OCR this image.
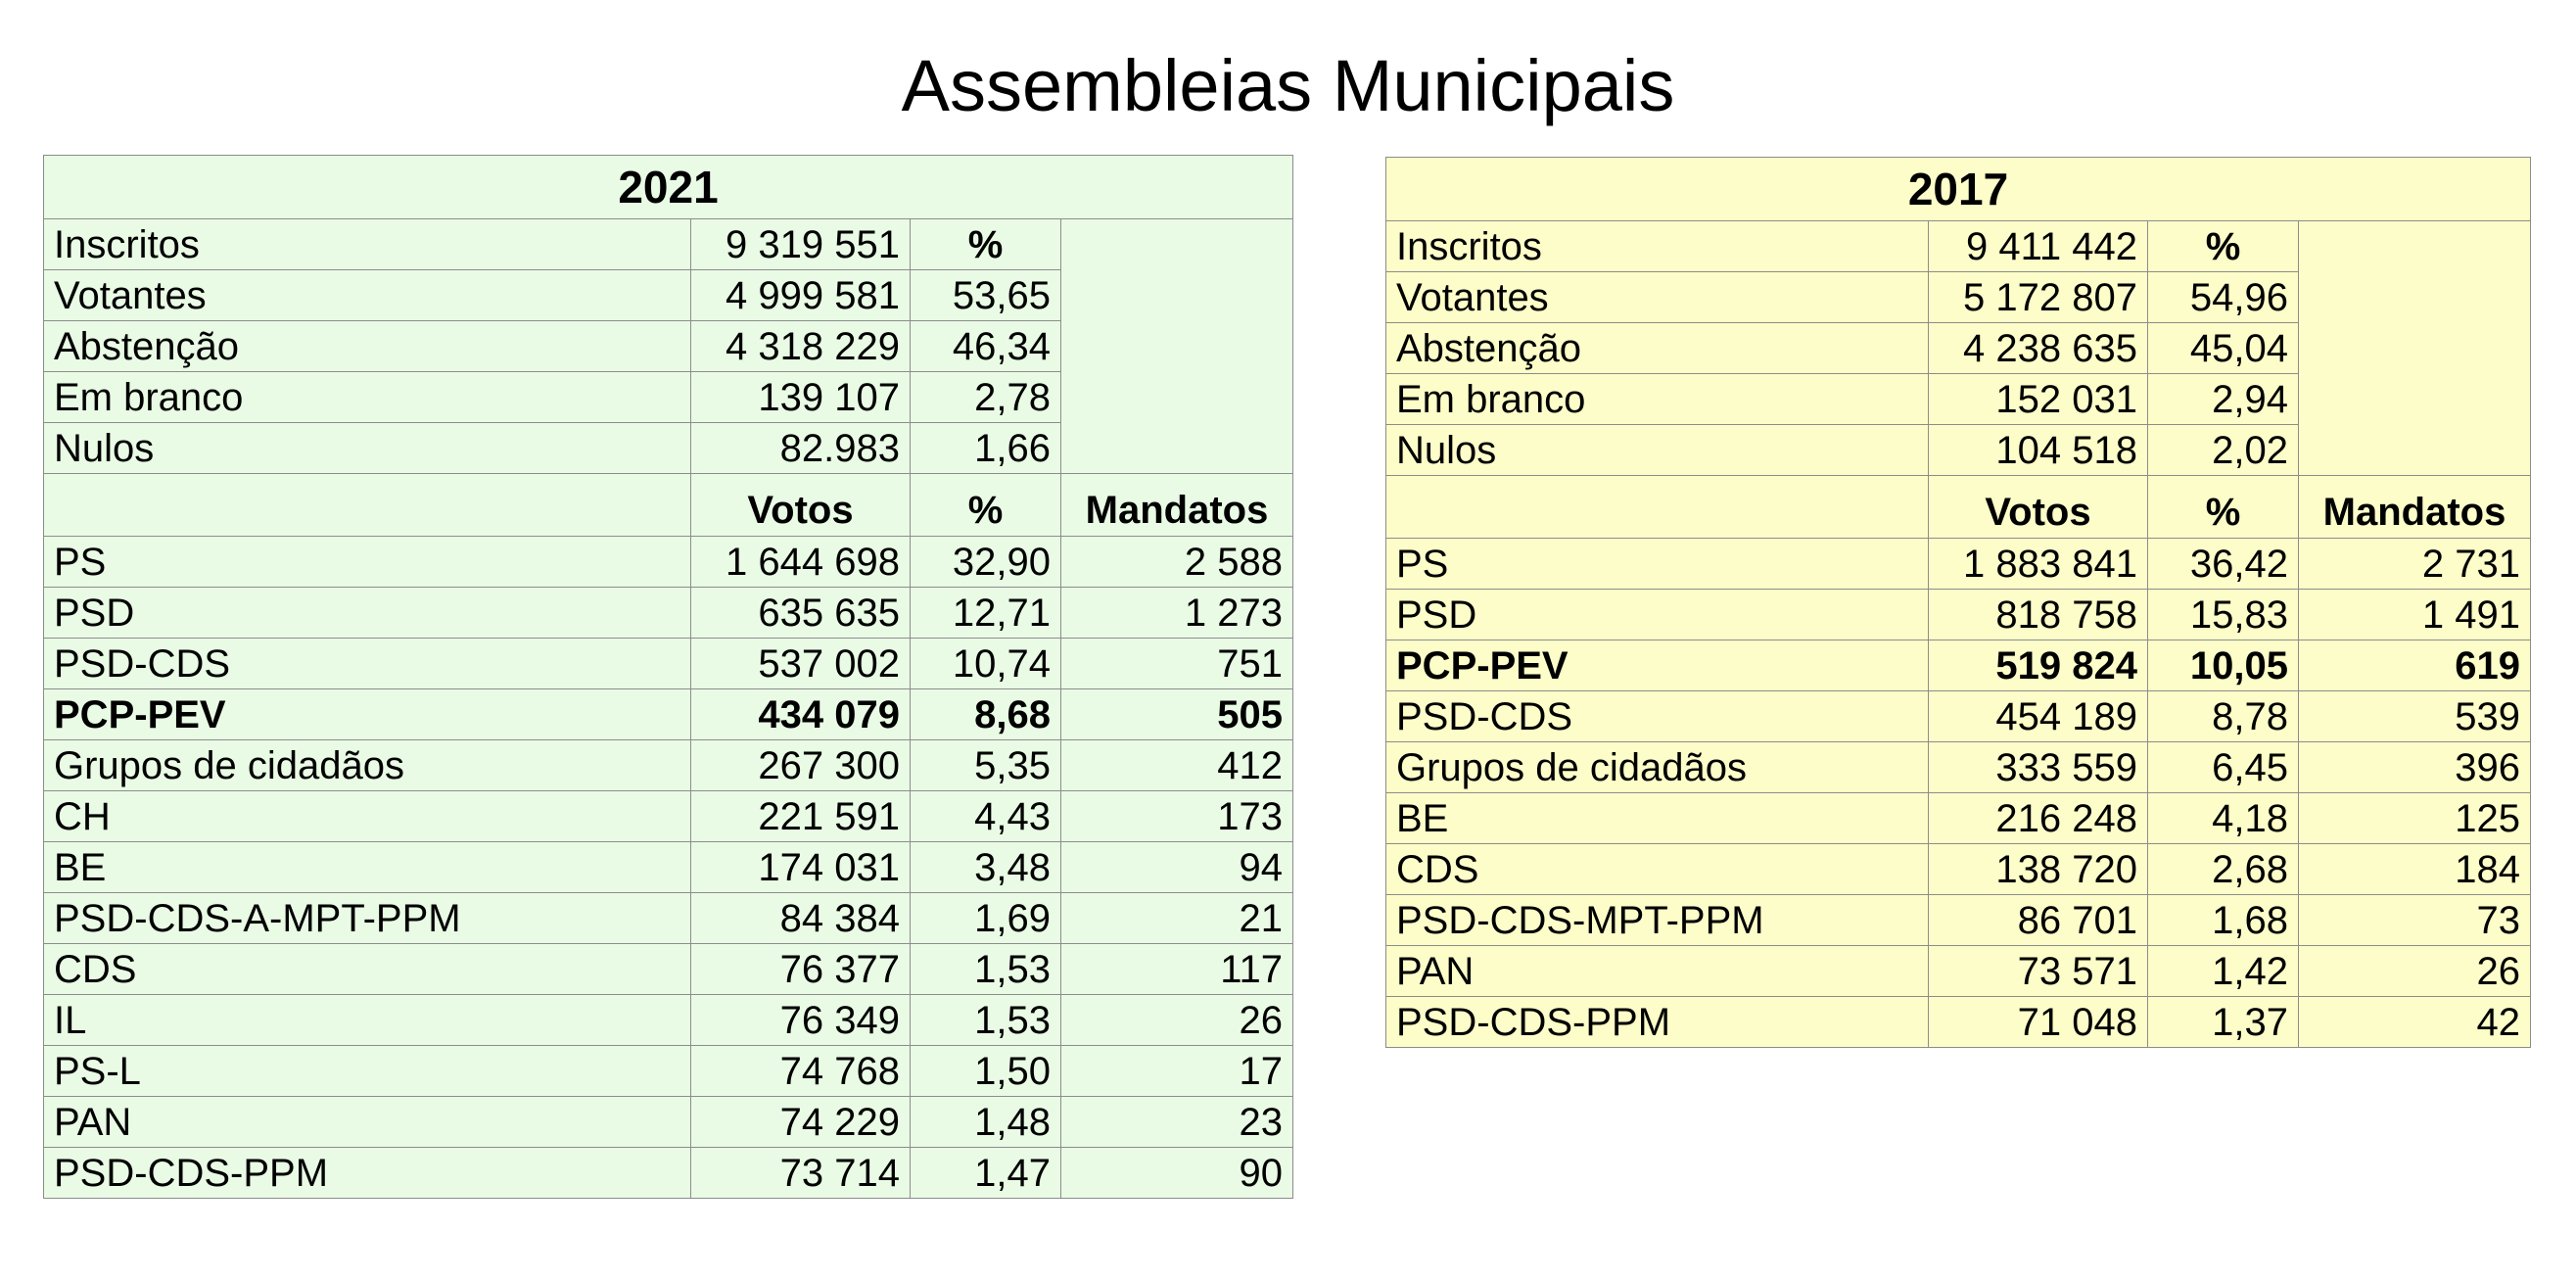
Assembleias Municipais
2021			
Inscritos	9 319 551	%	
Votantes	4 999 581	53,65	
Abstenção	4 318 229	46,34	
Em branco	139 107	2,78	
Nulos	82.983	1,66	
	Votos	%	Mandatos
PS	1 644 698	32,90	2 588
PSD	635 635	12,71	1 273
PSD-CDS	537 002	10,74	751
PCP-PEV	434 079	8,68	505
Grupos de cidadãos	267 300	5,35	412
CH	221 591	4,43	173
BE	174 031	3,48	94
PSD-CDS-A-MPT-PPM	84 384	1,69	21
CDS	76 377	1,53	117
IL	76 349	1,53	26
PS-L	74 768	1,50	17
PAN	74 229	1,48	23
PSD-CDS-PPM	73 714	1,47	90
2017			
Inscritos	9 411 442	%	
Votantes	5 172 807	54,96	
Abstenção	4 238 635	45,04	
Em branco	152 031	2,94	
Nulos	104 518	2,02	
	Votos	%	Mandatos
PS	1 883 841	36,42	2 731
PSD	818 758	15,83	1 491
PCP-PEV	519 824	10,05	619
PSD-CDS	454 189	8,78	539
Grupos de cidadãos	333 559	6,45	396
BE	216 248	4,18	125
CDS	138 720	2,68	184
PSD-CDS-MPT-PPM	86 701	1,68	73
PAN	73 571	1,42	26
PSD-CDS-PPM	71 048	1,37	42
